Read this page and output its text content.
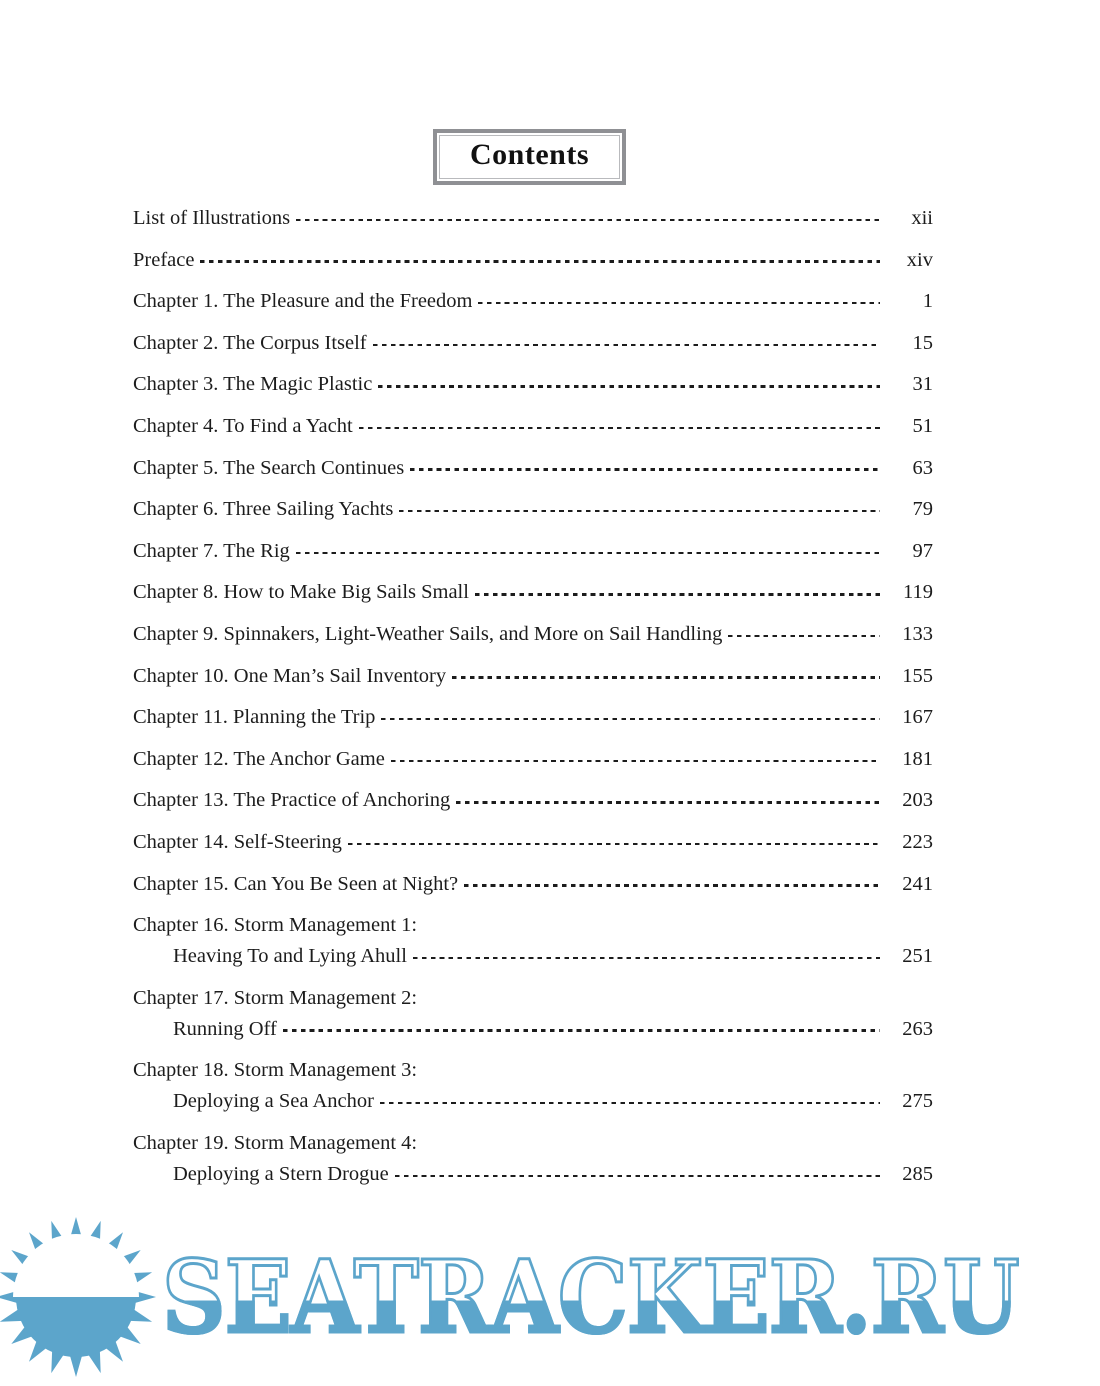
Contents
List of Illustrations	xii
Preface	xiv
Chapter 1. The Pleasure and the Freedom	1
Chapter 2. The Corpus Itself	15
Chapter 3. The Magic Plastic	31
Chapter 4. To Find a Yacht	51
Chapter 5. The Search Continues	63
Chapter 6. Three Sailing Yachts	79
Chapter 7. The Rig	97
Chapter 8. How to Make Big Sails Small	119
Chapter 9. Spinnakers, Light-Weather Sails, and More on Sail Handling	133
Chapter 10. One Man’s Sail Inventory	155
Chapter 11. Planning the Trip	167
Chapter 12. The Anchor Game	181
Chapter 13. The Practice of Anchoring	203
Chapter 14. Self-Steering	223
Chapter 15. Can You Be Seen at Night?	241
Chapter 16. Storm Management 1:
Heaving To and Lying Ahull	251
Chapter 17. Storm Management 2:
Running Off	263
Chapter 18. Storm Management 3:
Deploying a Sea Anchor	275
Chapter 19. Storm Management 4:
Deploying a Stern Drogue	285
SEATRACKER.RU
